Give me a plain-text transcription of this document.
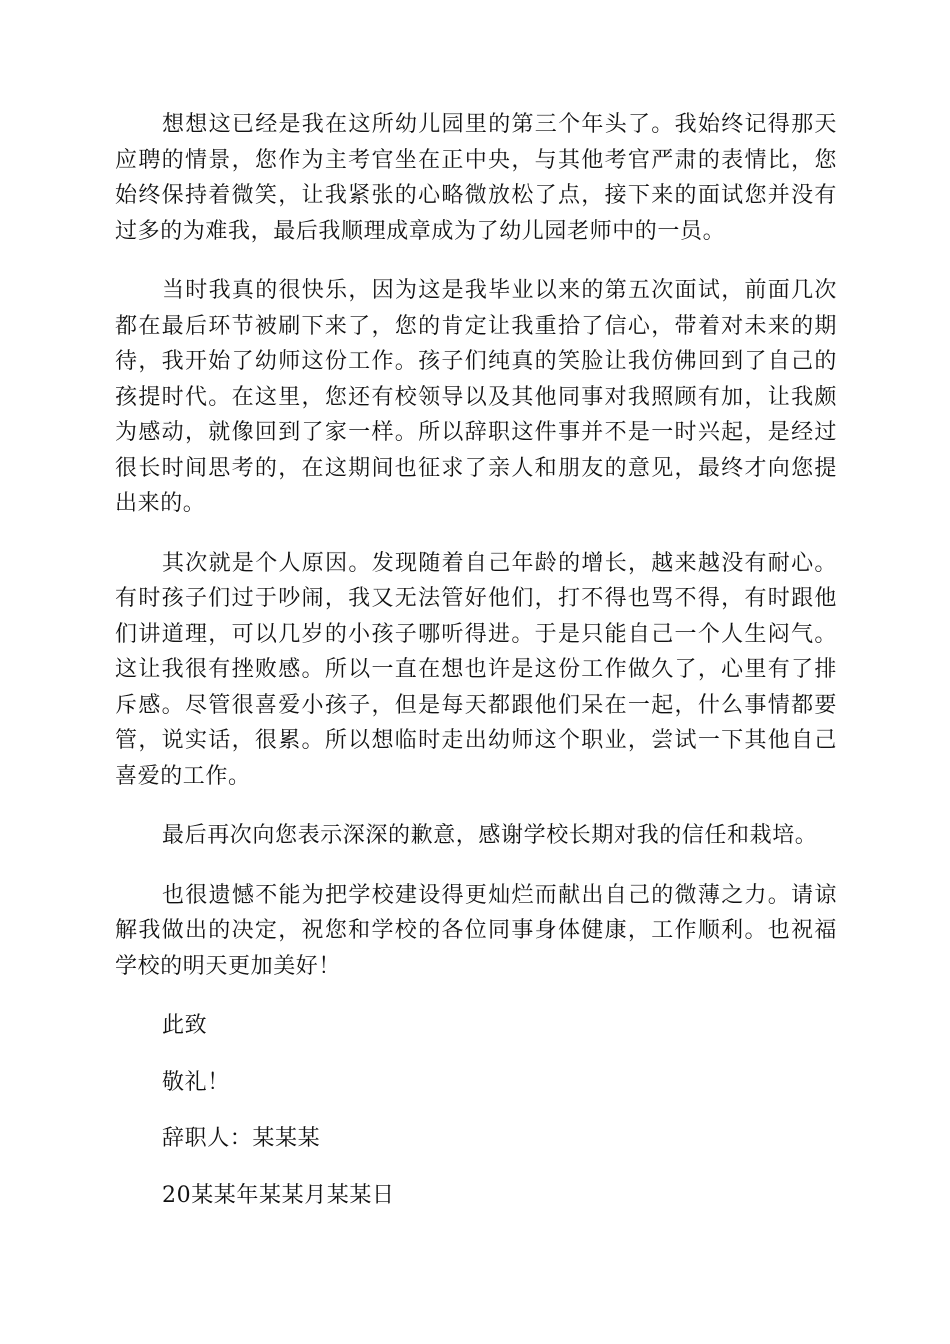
想想这已经是我在这所幼儿园里的第三个年头了。我始终记得那天应聘的情景，您作为主考官坐在正中央，与其他考官严肃的表情比，您始终保持着微笑，让我紧张的心略微放松了点，接下来的面试您并没有过多的为难我，最后我顺理成章成为了幼儿园老师中的一员。

当时我真的很快乐，因为这是我毕业以来的第五次面试，前面几次都在最后环节被刷下来了，您的肯定让我重拾了信心，带着对未来的期待，我开始了幼师这份工作。孩子们纯真的笑脸让我仿佛回到了自己的孩提时代。在这里，您还有校领导以及其他同事对我照顾有加，让我颇为感动，就像回到了家一样。所以辞职这件事并不是一时兴起，是经过很长时间思考的，在这期间也征求了亲人和朋友的意见，最终才向您提出来的。

其次就是个人原因。发现随着自己年龄的增长，越来越没有耐心。有时孩子们过于吵闹，我又无法管好他们，打不得也骂不得，有时跟他们讲道理，可以几岁的小孩子哪听得进。于是只能自己一个人生闷气。这让我很有挫败感。所以一直在想也许是这份工作做久了，心里有了排斥感。尽管很喜爱小孩子，但是每天都跟他们呆在一起，什么事情都要管，说实话，很累。所以想临时走出幼师这个职业，尝试一下其他自己喜爱的工作。

最后再次向您表示深深的歉意，感谢学校长期对我的信任和栽培。

也很遗憾不能为把学校建设得更灿烂而献出自己的微薄之力。请谅解我做出的决定，祝您和学校的各位同事身体健康，工作顺利。也祝福学校的明天更加美好！

此致

敬礼！

辞职人：某某某

20某某年某某月某某日
